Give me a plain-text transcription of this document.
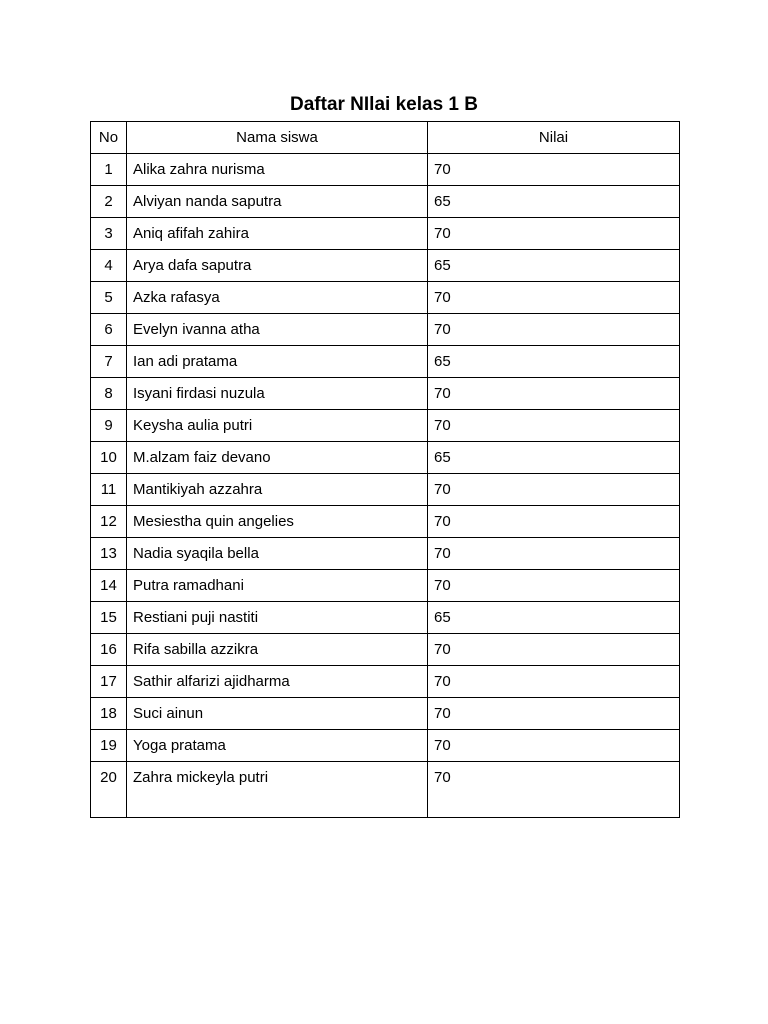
Daftar NIlai kelas 1 B
No	Nama siswa	Nilai
1	Alika zahra nurisma	70
2	Alviyan nanda saputra	65
3	Aniq afifah zahira	70
4	Arya dafa saputra	65
5	Azka rafasya	70
6	Evelyn ivanna atha	70
7	Ian adi pratama	65
8	Isyani firdasi nuzula	70
9	Keysha aulia putri	70
10	M.alzam faiz devano	65
11	Mantikiyah azzahra	70
12	Mesiestha quin angelies	70
13	Nadia syaqila bella	70
14	Putra ramadhani	70
15	Restiani puji nastiti	65
16	Rifa sabilla azzikra	70
17	Sathir alfarizi ajidharma	70
18	Suci ainun	70
19	Yoga pratama	70
20	Zahra mickeyla putri	70
